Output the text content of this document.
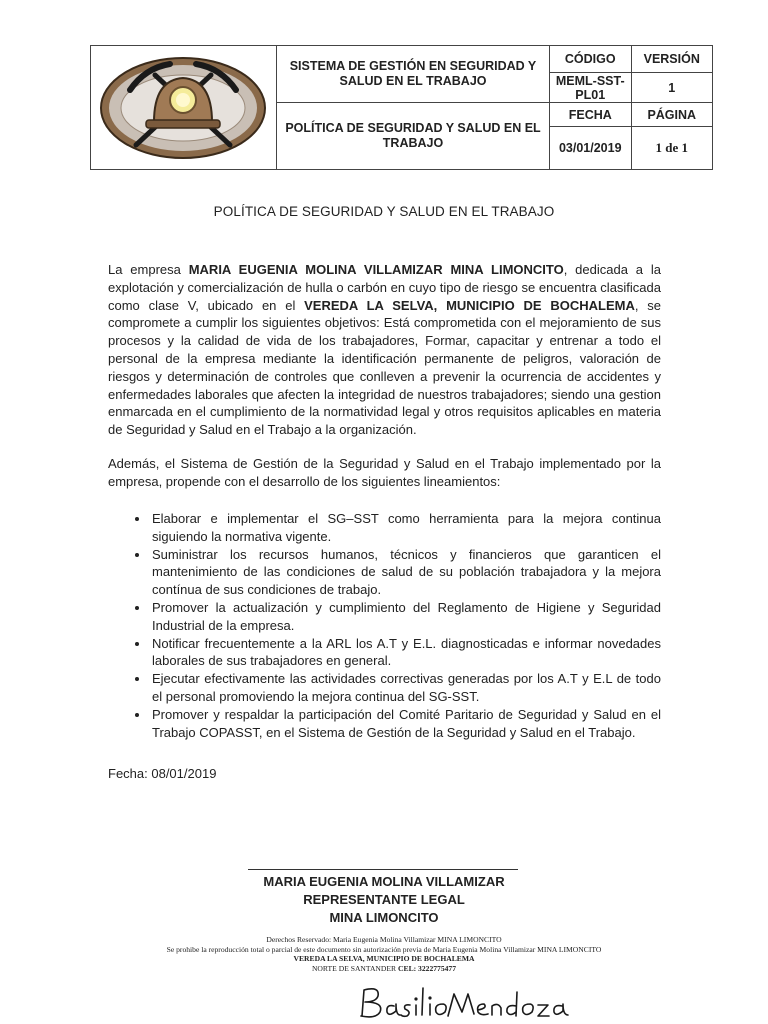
	SISTEMA DE GESTIÓN EN SEGURIDAD Y SALUD EN EL TRABAJO	CÓDIGO	VERSIÓN
		MEML-SST-PL01	1
	POLÍTICA DE SEGURIDAD Y SALUD EN EL TRABAJO	FECHA	PÁGINA
		03/01/2019	1 de 1
POLÍTICA DE SEGURIDAD Y SALUD EN EL TRABAJO

La empresa MARIA EUGENIA MOLINA VILLAMIZAR MINA LIMONCITO, dedicada a la explotación y comercialización de hulla o carbón en cuyo tipo de riesgo se encuentra clasificada como clase V, ubicado en el VEREDA LA SELVA, MUNICIPIO DE BOCHALEMA, se compromete a cumplir los siguientes objetivos: Está comprometida con el mejoramiento de sus procesos y la calidad de vida de los trabajadores, Formar, capacitar y entrenar a todo el personal de la empresa mediante la identificación permanente de peligros, valoración de riesgos y determinación de controles que conlleven a prevenir la ocurrencia de accidentes y enfermedades laborales que afecten la integridad de nuestros trabajadores; siendo una gestion enmarcada en el cumplimiento de la normatividad legal y otros requisitos aplicables en materia de Seguridad y Salud en el Trabajo a la organización.

Además, el Sistema de Gestión de la Seguridad y Salud en el Trabajo implementado por la empresa, propende con el desarrollo de los siguientes lineamientos:

• Elaborar e implementar el SG–SST como herramienta para la mejora continua siguiendo la normativa vigente.
• Suministrar los recursos humanos, técnicos y financieros que garanticen el mantenimiento de las condiciones de salud de su población trabajadora y la mejora contínua de sus condiciones de trabajo.
• Promover la actualización y cumplimiento del Reglamento de Higiene y Seguridad Industrial de la empresa.
• Notificar frecuentemente a la ARL los A.T y E.L. diagnosticadas e informar novedades laborales de sus trabajadores en general.
• Ejecutar efectivamente las actividades correctivas generadas por los A.T y E.L de todo el personal promoviendo la mejora continua del SG-SST.
• Promover y respaldar la participación del Comité Paritario de Seguridad y Salud en el Trabajo COPASST, en el Sistema de Gestión de la Seguridad y Salud en el Trabajo.
Fecha: 08/01/2019
MARIA EUGENIA MOLINA VILLAMIZAR
REPRESENTANTE LEGAL
MINA LIMONCITO
Derechos Reservado: Maria Eugenia Molina Villamizar MINA LIMONCITO
Se prohibe la reproducción total o parcial de este documento sin autorización previa de Maria Eugenia Molina Villamizar MINA LIMONCITO
VEREDA LA SELVA, MUNICIPIO DE BOCHALEMA
NORTE DE SANTANDER CEL: 3222775477
